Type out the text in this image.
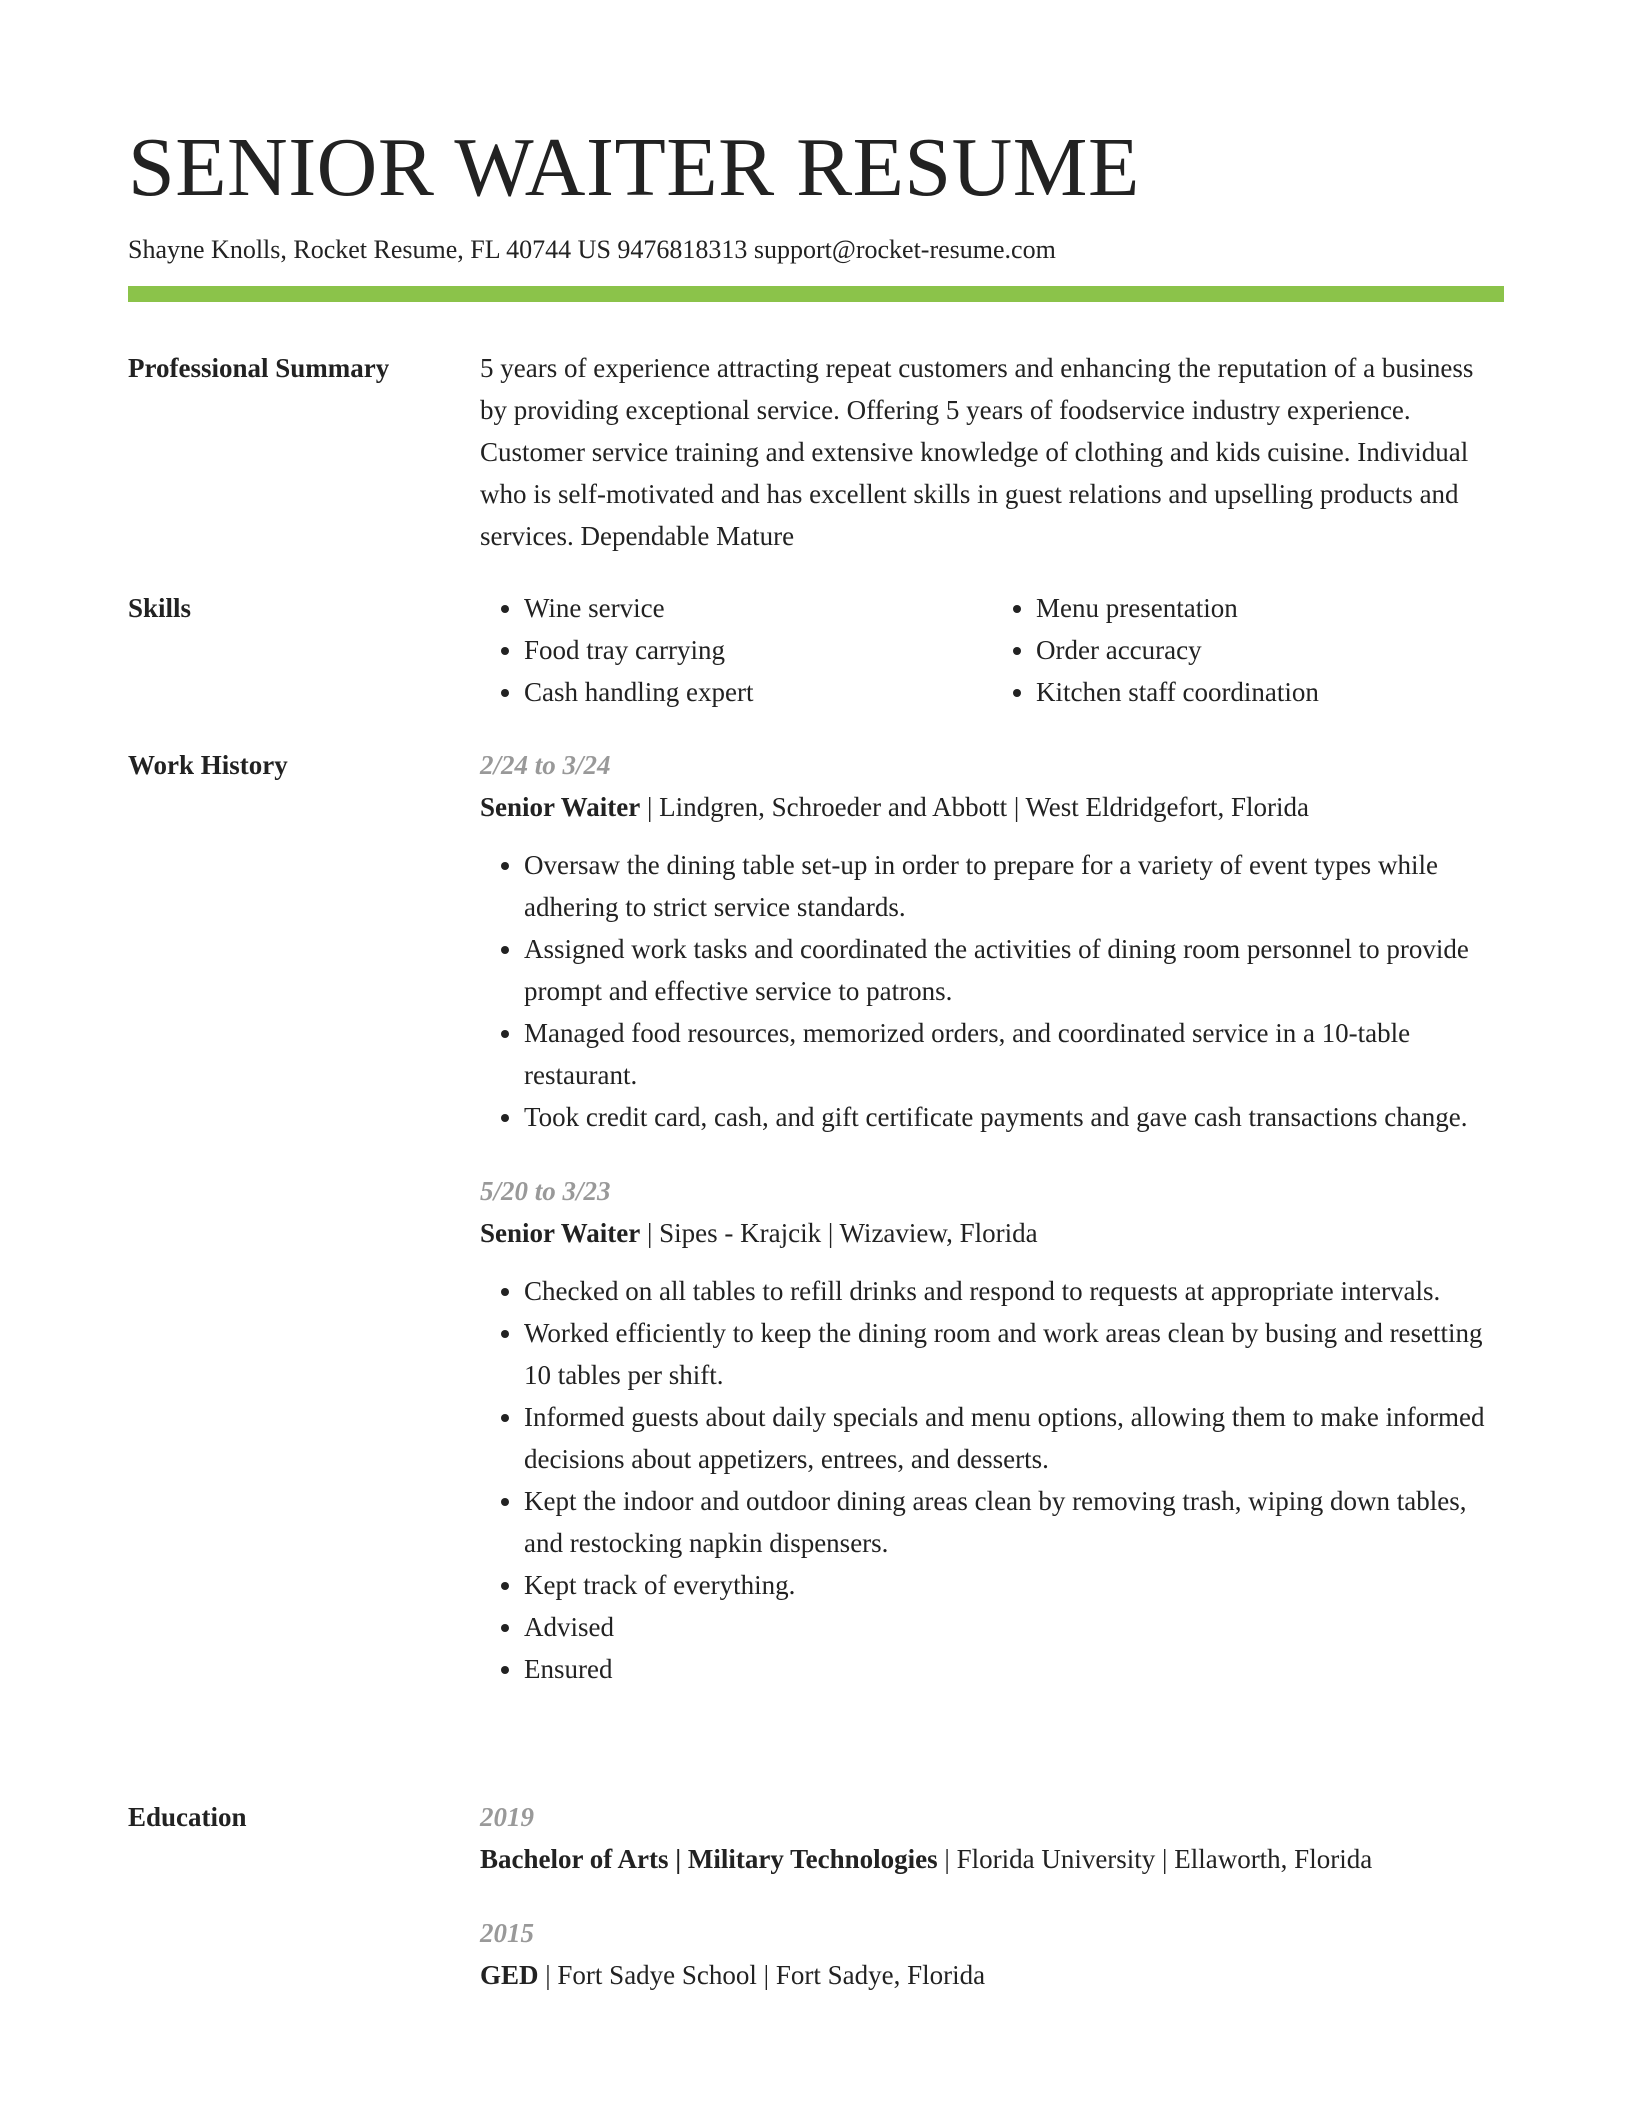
SENIOR WAITER RESUME
Shayne Knolls, Rocket Resume, FL 40744 US 9476818313 support@rocket-resume.com
Professional Summary	5 years of experience attracting repeat customers and enhancing the reputation of a business by providing exceptional service. Offering 5 years of foodservice industry experience. Customer service training and extensive knowledge of clothing and kids cuisine. Individual who is self-motivated and has excellent skills in guest relations and upselling products and services. Dependable Mature

Skills
•	Wine service
• Food tray carrying
• Cash handling expert
• Menu presentation
• Order accuracy
• Kitchen staff coordination
Work History	2/24 to 3/24

Senior Waiter | Lindgren, Schroeder and Abbott | West Eldridgefort, Florida

• Oversaw the dining table set-up in order to prepare for a variety of event types while adhering to strict service standards.
• Assigned work tasks and coordinated the activities of dining room personnel to provide prompt and effective service to patrons.
• Managed food resources, memorized orders, and coordinated service in a 10-table restaurant.
• Took credit card, cash, and gift certificate payments and gave cash transactions change.
5/20 to 3/23

Senior Waiter | Sipes - Krajcik | Wizaview, Florida

• Checked on all tables to refill drinks and respond to requests at appropriate intervals.
• Worked efficiently to keep the dining room and work areas clean by busing and resetting 10 tables per shift.
• Informed guests about daily specials and menu options, allowing them to make informed decisions about appetizers, entrees, and desserts.
• Kept the indoor and outdoor dining areas clean by removing trash, wiping down tables, and restocking napkin dispensers.
• Kept track of everything.
• Advised
• Ensured
Education	2019

Bachelor of Arts | Military Technologies | Florida University | Ellaworth, Florida

2015

GED | Fort Sadye School | Fort Sadye, Florida
